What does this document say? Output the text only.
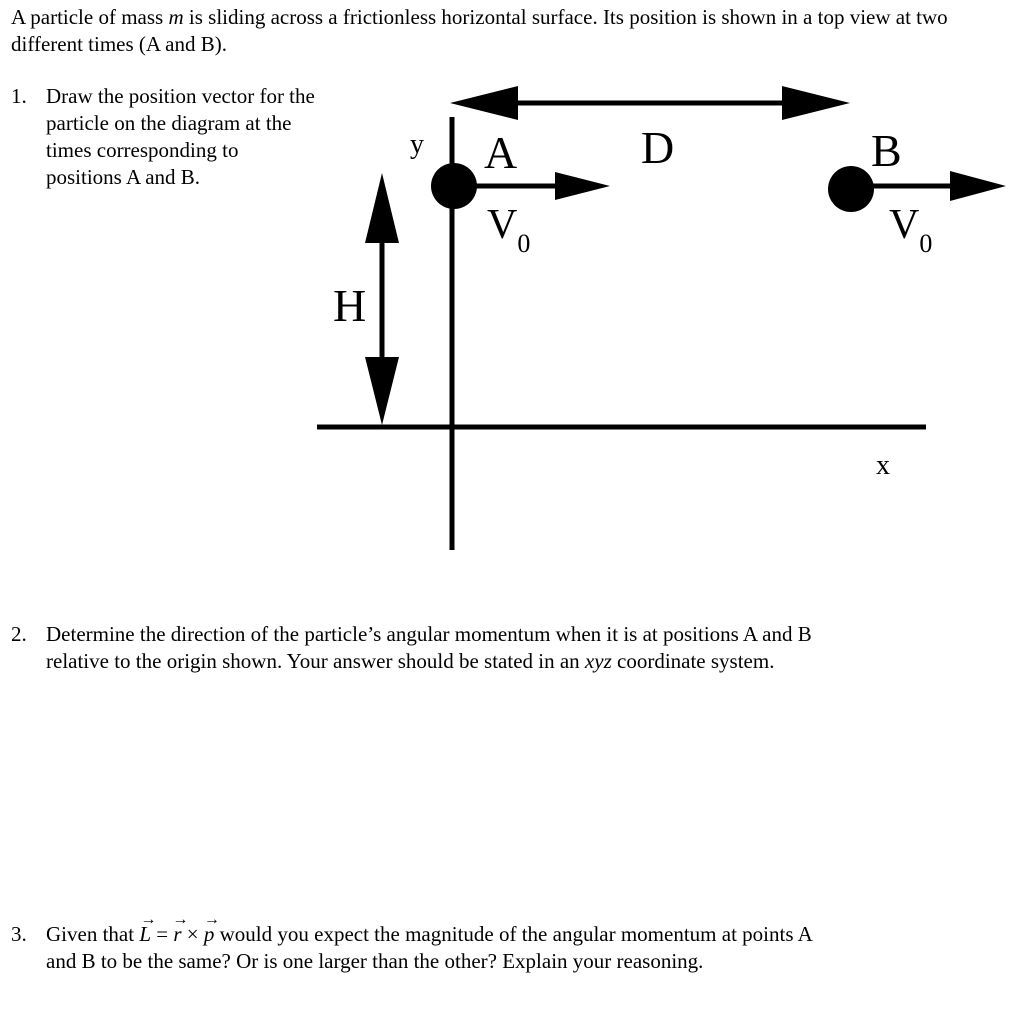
A particle of mass m is sliding across a frictionless horizontal surface. Its position is shown in a top view at two different times (A and B).

1. Draw the position vector for the particle on the diagram at the times corresponding to positions A and B.
y
x
A	B
D
H
$V_0$	$V_0$
2. Determine the direction of the particle’s angular momentum when it is at positions A and B relative to the origin shown. Your answer should be stated in an xyz coordinate system.
3. Given that
→
L =
→
r ×
→
p would you expect the magnitude of the angular momentum at points A and B to be the same? Or is one larger than the other? Explain your reasoning.
